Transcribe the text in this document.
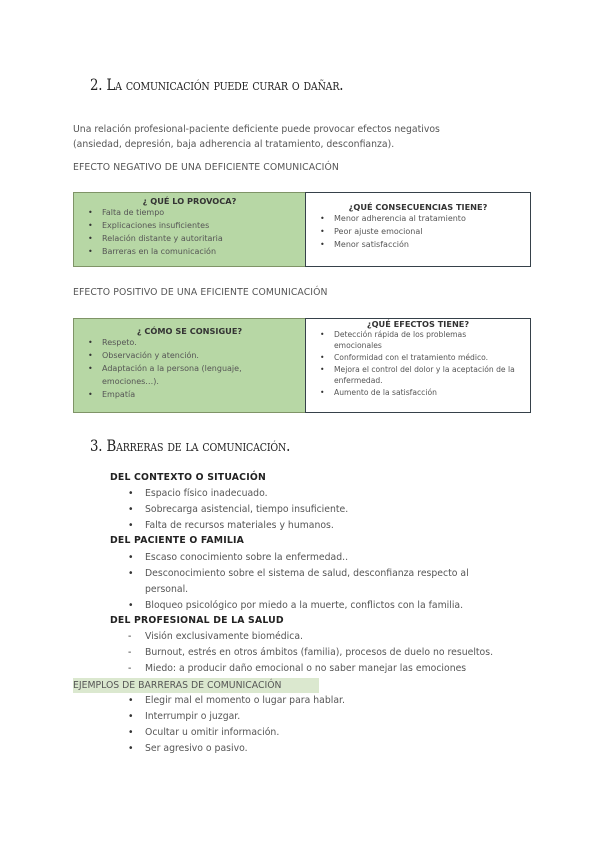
2. La comunicación puede curar o dañar.
Una relación profesional-paciente deficiente puede provocar efectos negativos
(ansiedad, depresión, baja adherencia al tratamiento, desconfianza).
EFECTO NEGATIVO DE UNA DEFICIENTE COMUNICACIÓN
¿ QUÉ LO PROVOCA?
• Falta de tiempo
• Explicaciones insuficientes
• Relación distante y autoritaria
• Barreras en la comunicación
¿QUÉ CONSECUENCIAS TIENE?
• Menor adherencia al tratamiento
• Peor ajuste emocional
• Menor satisfacción
EFECTO POSITIVO DE UNA EFICIENTE COMUNICACIÓN
¿ CÓMO SE CONSIGUE?
• Respeto.
• Observación y atención.
• Adaptación a la persona (lenguaje, emociones…).
• Empatía
¿QUÉ EFECTOS TIENE?
• Detección rápida de los problemas emocionales
• Conformidad con el tratamiento médico.
• Mejora el control del dolor y la aceptación de la enfermedad.
• Aumento de la satisfacción
3. Barreras de la comunicación.
DEL CONTEXTO O SITUACIÓN
• Espacio físico inadecuado.
• Sobrecarga asistencial, tiempo insuficiente.
• Falta de recursos materiales y humanos.
DEL PACIENTE O FAMILIA
• Escaso conocimiento sobre la enfermedad..
• Desconocimiento sobre el sistema de salud, desconfianza respecto al personal.
• Bloqueo psicológico por miedo a la muerte, conflictos con la familia.
DEL PROFESIONAL DE LA SALUD
- Visión exclusivamente biomédica.
- Burnout, estrés en otros ámbitos (familia), procesos de duelo no resueltos.
- Miedo: a producir daño emocional o no saber manejar las emociones
EJEMPLOS DE BARRERAS DE COMUNICACIÓN
• Elegir mal el momento o lugar para hablar.
• Interrumpir o juzgar.
• Ocultar u omitir información.
• Ser agresivo o pasivo.
